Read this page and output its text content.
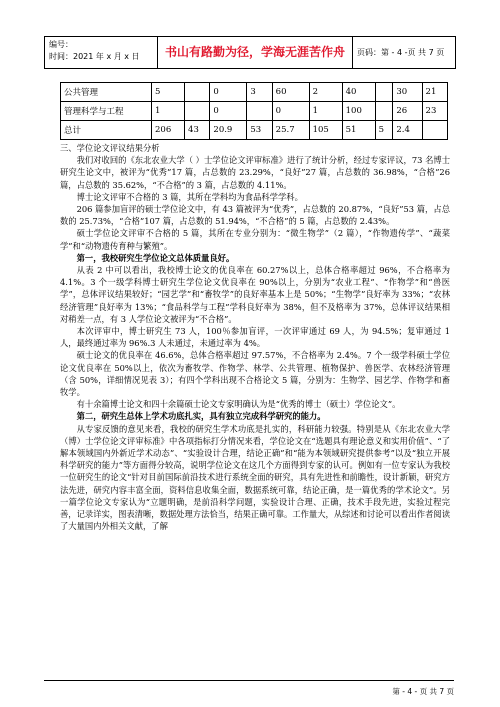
编号：
时间：2021 年 x 月 x 日	书山有路勤为径，学海无涯苦作舟	页码：第 - 4 -页 共 7 页
公共管理	5		0	3	60	2	40		30	21
管理科学与工程	1		0		0	1	100		26	23
总计	206	43	20.9	53	25.7	105	51	5	2.4	

三、学位论文评议结果分析

我们对收回的《东北农业大学（ ）士学位论文评审标准》进行了统计分析，经过专家评议，73 名博士研究生论文中，被评为“优秀”17 篇，占总数的 23.29%，“良好”27 篇，占总数的 36.98%，“合格”26 篇，占总数的 35.62%，“不合格”的 3 篇，占总数的 4.11%。

博士论文评审不合格的 3 篇，其所在学科均为食品科学学科。

206 篇参加盲评的硕士学位论文中，有 43 篇被评为“优秀”，占总数的 20.87%，“良好”53 篇，占总数的 25.73%，“合格”107 篇，占总数的 51.94%，“不合格”的 5 篇，占总数的 2.43%。

硕士学位论文评审不合格的 5 篇，其所在专业分别为：“微生物学”（2 篇），“作物遗传学”、“蔬菜学”和“动物遗传育种与繁殖”。

第一，我校研究生学位论文总体质量良好。

从表 2 中可以看出，我校博士论文的优良率在 60.27%以上，总体合格率超过 96%，不合格率为 4.1%。3 个一级学科博士研究生学位论文优良率在 90%以上，分别为“农业工程”、“作物学”和“兽医学”，总体评议结果较好；“园艺学”和“畜牧学”的良好率基本上是 50%；“生物学”良好率为 33%；“农林经济管理”良好率为 13%；“食品科学与工程”学科良好率为 38%，但不及格率为 37%，总体评议结果相对稍差一点，有 3 人学位论文被评为“不合格”。

本次评审中，博士研究生 73 人，100％参加盲评，一次评审通过 69 人，为 94.5%；复审通过 1 人，最终通过率为 96%.3 人未通过，未通过率为 4%。

硕士论文的优良率在 46.6%，总体合格率超过 97.57%，不合格率为 2.4%。7 个一级学科硕士学位论文优良率在 50%以上，依次为畜牧学、作物学、林学、公共管理、植物保护、兽医学、农林经济管理（含 50%，详细情况见表 3）；有四个学科出现不合格论文 5 篇，分别为：生物学、园艺学、作物学和畜牧学。

有十余篇博士论文和四十余篇硕士论文专家明确认为是“优秀的博士（硕士）学位论文”。

第二，研究生总体上学术功底扎实，具有独立完成科学研究的能力。

从专家反馈的意见来看，我校的研究生学术功底是扎实的，科研能力较强。特别是从《东北农业大学（博）士学位论文评审标准》中各项指标打分情况来看，学位论文在“选题具有理论意义和实用价值”、“了解本领域国内外新近学术动态”、“实验设计合理，结论正确”和“能为本领域研究提供参考”以及“独立开展科学研究的能力”等方面得分较高，说明学位论文在这几个方面得到专家的认可。例如有一位专家认为我校一位研究生的论文“针对目前国际前沿技术进行系统全面的研究，具有先进性和前瞻性，设计新颖，研究方法先进，研究内容丰富全面，资料信息收集全面，数据系统可靠，结论正确，是一篇优秀的学术论文”。另一篇学位论文专家认为“立题明确，是前沿科学问题，实验设计合理、正确，技术手段先进，实验过程完善，记录详实，图表清晰，数据处理方法恰当，结果正确可靠。工作量大，从综述和讨论可以看出作者阅读了大量国内外相关文献，了解

第 - 4 - 页 共 7 页
